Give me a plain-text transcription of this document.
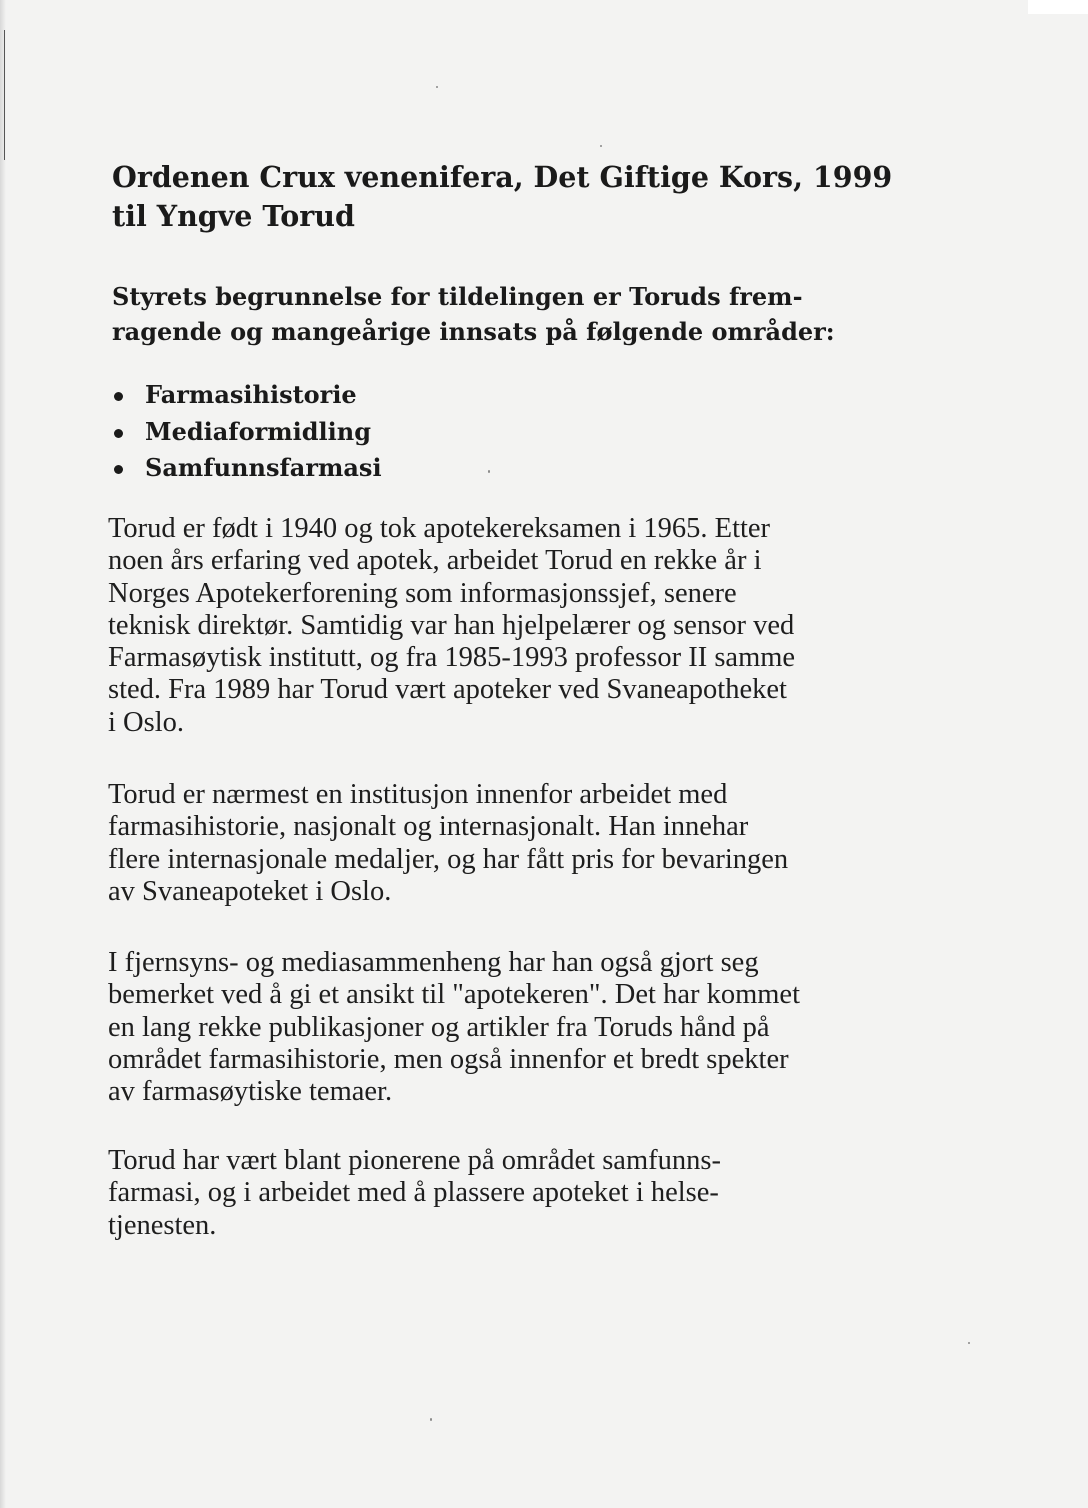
Ordenen Crux venenifera, Det Giftige Kors, 1999
til Yngve Torud

Styrets begrunnelse for tildelingen er Toruds frem-
ragende og mangeårige innsats på følgende områder:

Farmasihistorie
Mediaformidling
Samfunnsfarmasi

Torud er født i 1940 og tok apotekereksamen i 1965. Etter
noen års erfaring ved apotek, arbeidet Torud en rekke år i
Norges Apotekerforening som informasjonssjef, senere
teknisk direktør. Samtidig var han hjelpelærer og sensor ved
Farmasøytisk institutt, og fra 1985-1993 professor II samme
sted. Fra 1989 har Torud vært apoteker ved Svaneapotheket
i Oslo.

Torud er nærmest en institusjon innenfor arbeidet med
farmasihistorie, nasjonalt og internasjonalt. Han innehar
flere internasjonale medaljer, og har fått pris for bevaringen
av Svaneapoteket i Oslo.

I fjernsyns- og mediasammenheng har han også gjort seg
bemerket ved å gi et ansikt til "apotekeren". Det har kommet
en lang rekke publikasjoner og artikler fra Toruds hånd på
området farmasihistorie, men også innenfor et bredt spekter
av farmasøytiske temaer.

Torud har vært blant pionerene på området samfunns-
farmasi, og i arbeidet med å plassere apoteket i helse-
tjenesten.
